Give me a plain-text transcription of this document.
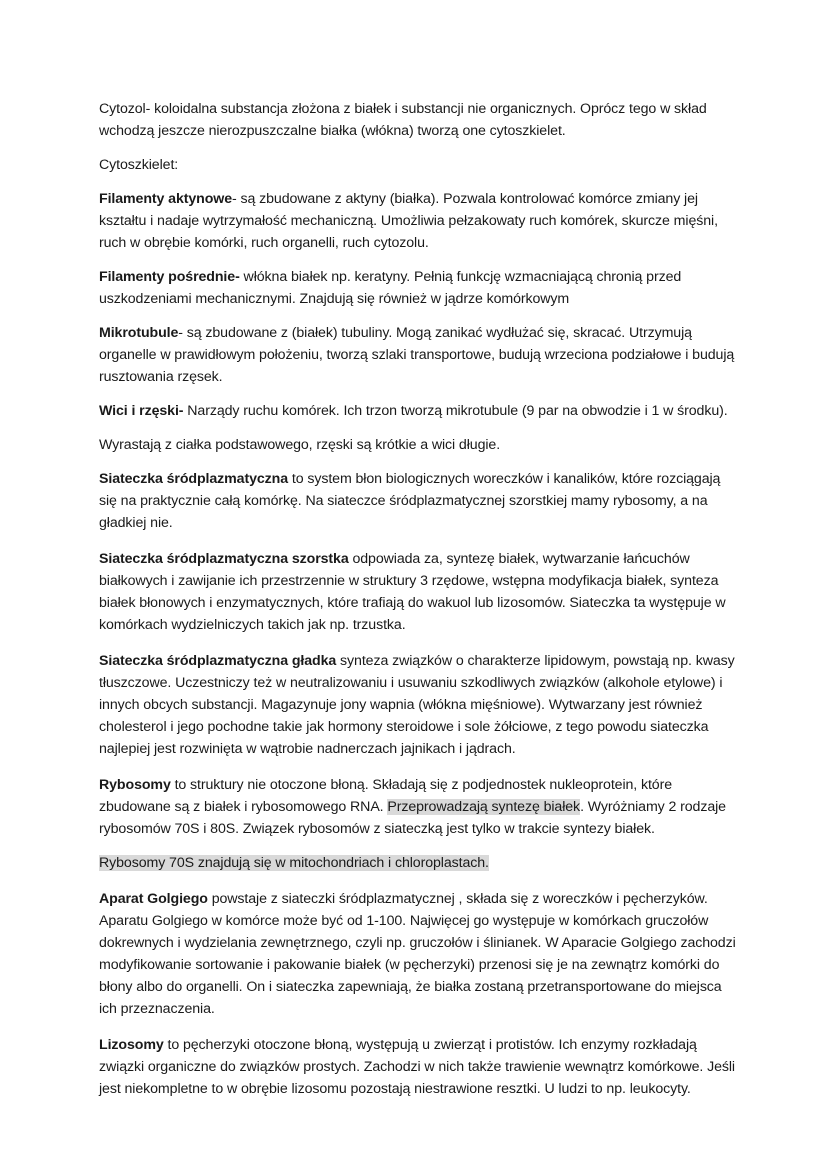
Cytozol- koloidalna substancja złożona z białek i substancji nie organicznych. Oprócz tego w skład wchodzą jeszcze nierozpuszczalne białka (włókna) tworzą one cytoszkielet.

Cytoszkielet:

Filamenty aktynowe- są zbudowane z aktyny (białka). Pozwala kontrolować komórce zmiany jej kształtu i nadaje wytrzymałość mechaniczną. Umożliwia pełzakowaty ruch komórek, skurcze mięśni, ruch w obrębie komórki, ruch organelli, ruch cytozolu.

Filamenty pośrednie- włókna białek np. keratyny. Pełnią funkcję wzmacniającą chronią przed uszkodzeniami mechanicznymi. Znajdują się również w jądrze komórkowym

Mikrotubule- są zbudowane z (białek) tubuliny. Mogą zanikać wydłużać się, skracać. Utrzymują organelle w prawidłowym położeniu, tworzą szlaki transportowe, budują wrzeciona podziałowe i budują rusztowania rzęsek.

Wici i rzęski- Narządy ruchu komórek. Ich trzon tworzą mikrotubule (9 par na obwodzie i 1 w środku).

Wyrastają z ciałka podstawowego, rzęski są krótkie a wici długie.

Siateczka śródplazmatyczna to system błon biologicznych woreczków i kanalików, które rozciągają się na praktycznie całą komórkę. Na siateczce śródplazmatycznej szorstkiej mamy rybosomy, a na gładkiej nie.

Siateczka śródplazmatyczna szorstka odpowiada za, syntezę białek, wytwarzanie łańcuchów białkowych i zawijanie ich przestrzennie w struktury 3 rzędowe, wstępna modyfikacja białek, synteza białek błonowych i enzymatycznych, które trafiają do wakuol lub lizosomów. Siateczka ta występuje w komórkach wydzielniczych takich jak np. trzustka.

Siateczka śródplazmatyczna gładka synteza związków o charakterze lipidowym, powstają np. kwasy tłuszczowe. Uczestniczy też w neutralizowaniu i usuwaniu szkodliwych związków (alkohole etylowe) i innych obcych substancji. Magazynuje jony wapnia (włókna mięśniowe). Wytwarzany jest również cholesterol i jego pochodne takie jak hormony steroidowe i sole żółciowe, z tego powodu siateczka najlepiej jest rozwinięta w wątrobie nadnerczach jajnikach i jądrach.

Rybosomy to struktury nie otoczone błoną. Składają się z podjednostek nukleoprotein, które zbudowane są z białek i rybosomowego RNA. Przeprowadzają syntezę białek. Wyróżniamy 2 rodzaje rybosomów 70S i 80S. Związek rybosomów z siateczką jest tylko w trakcie syntezy białek.

Rybosomy 70S znajdują się w mitochondriach i chloroplastach.

Aparat Golgiego powstaje z siateczki śródplazmatycznej , składa się z woreczków i pęcherzyków. Aparatu Golgiego w komórce może być od 1-100. Najwięcej go występuje w komórkach gruczołów dokrewnych i wydzielania zewnętrznego, czyli np. gruczołów i ślinianek. W Aparacie Golgiego zachodzi modyfikowanie sortowanie i pakowanie białek (w pęcherzyki) przenosi się je na zewnątrz komórki do błony albo do organelli. On i siateczka zapewniają, że białka zostaną przetransportowane do miejsca ich przeznaczenia.

Lizosomy to pęcherzyki otoczone błoną, występują u zwierząt i protistów. Ich enzymy rozkładają związki organiczne do związków prostych. Zachodzi w nich także trawienie wewnątrz komórkowe. Jeśli jest niekompletne to w obrębie lizosomu pozostają niestrawione resztki. U ludzi to np. leukocyty.
